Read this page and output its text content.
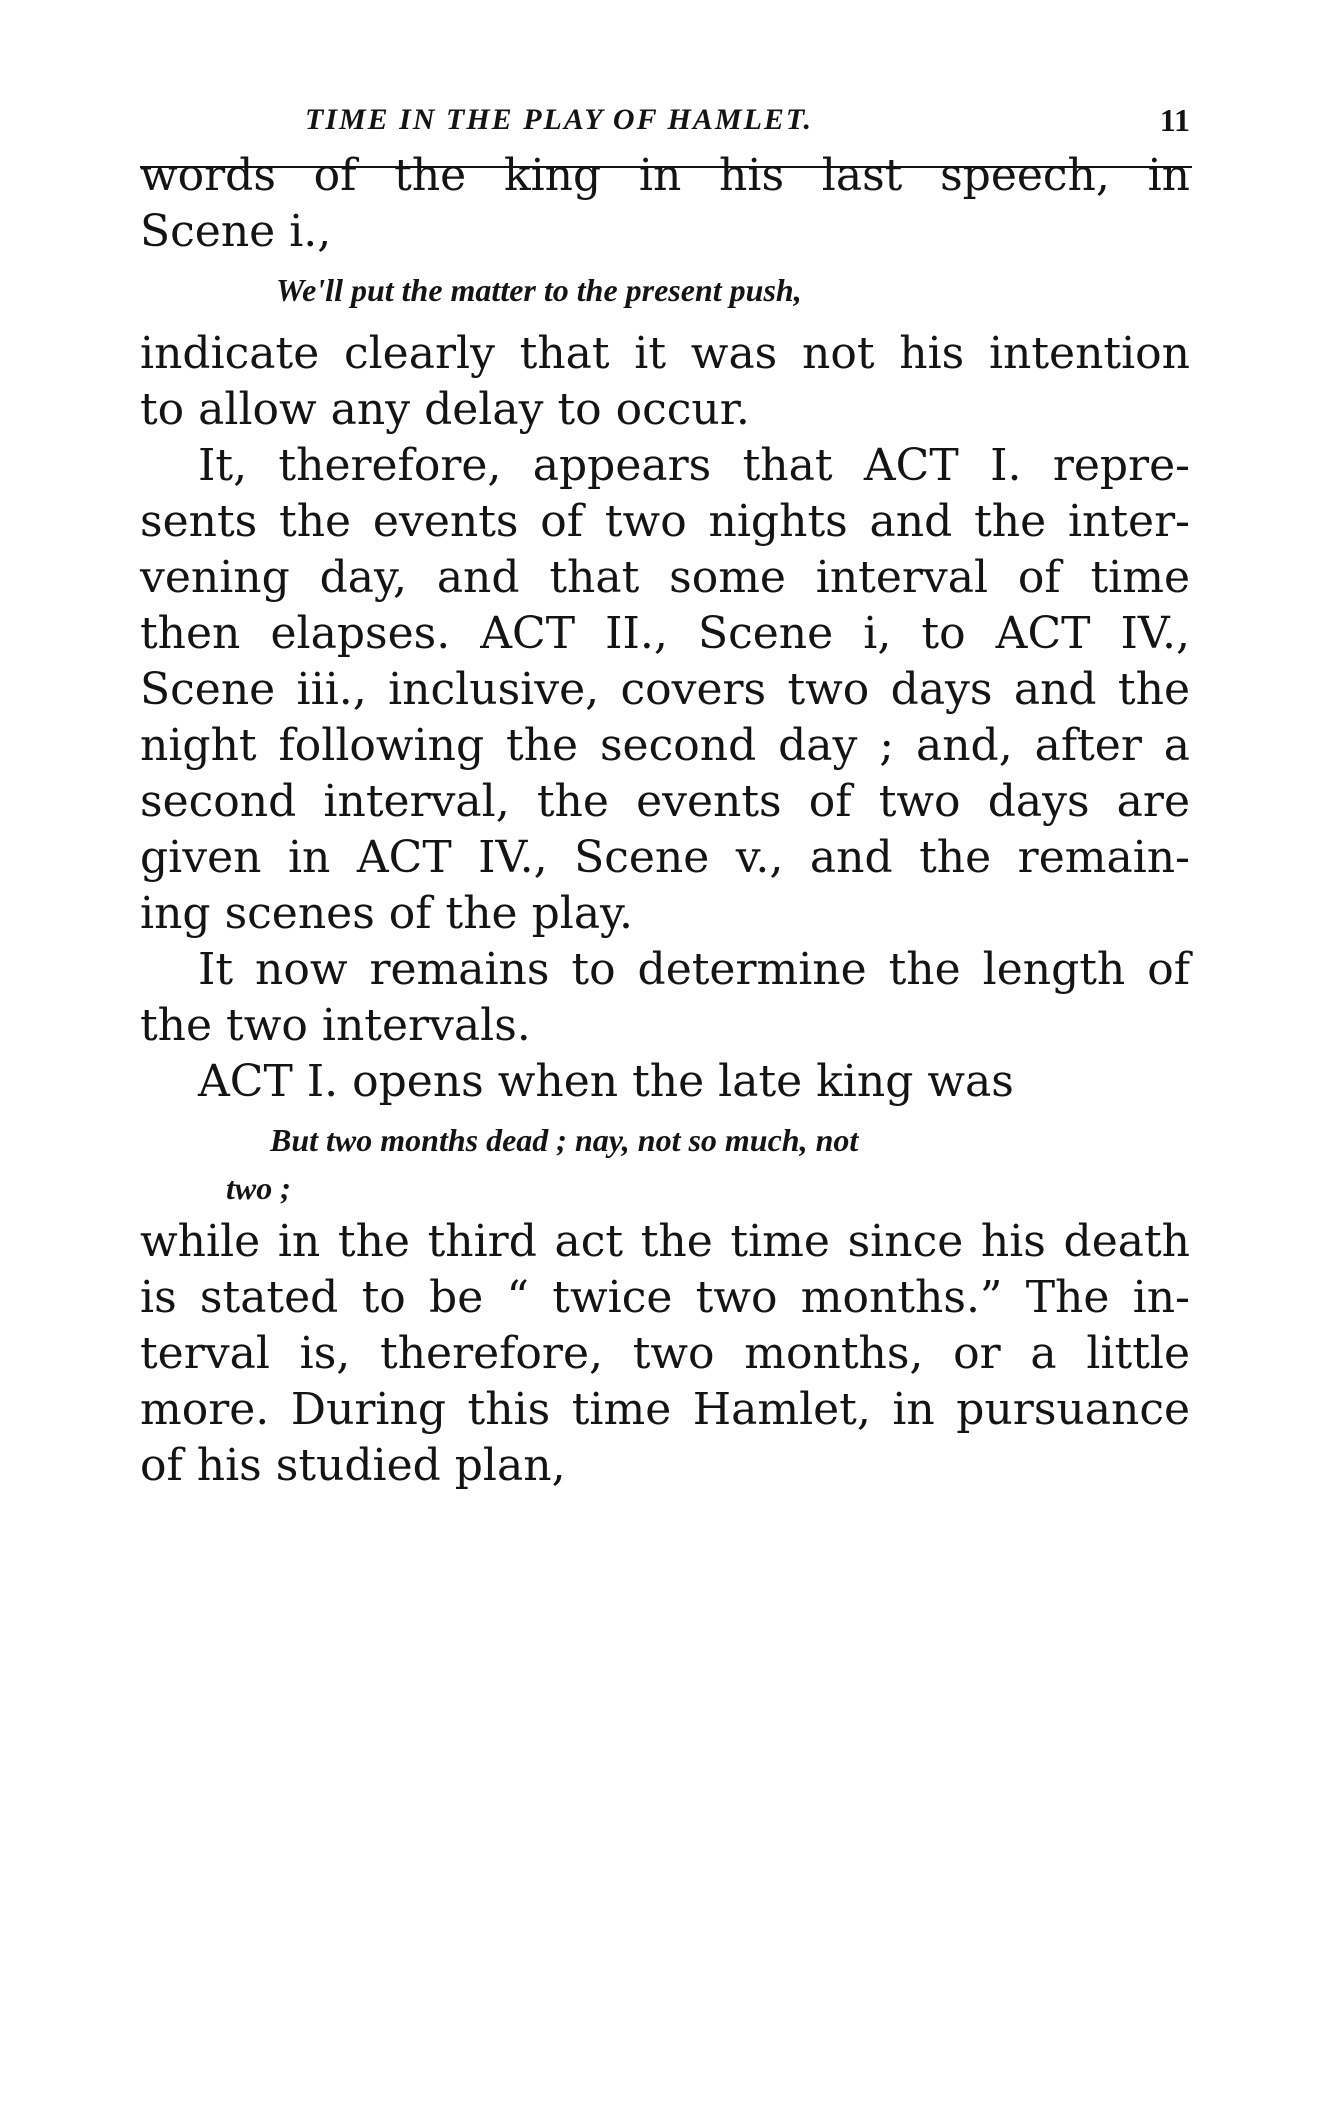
TIME IN THE PLAY OF HAMLET.	11
words of the king in his last speech, in
Scene i.,
We'll put the matter to the present push,
indicate clearly that it was not his intention
to allow any delay to occur.
It, therefore, appears that ACT I. repre-
sents the events of two nights and the inter-
vening day, and that some interval of time
then elapses. ACT II., Scene i, to ACT IV.,
Scene iii., inclusive, covers two days and the
night following the second day ; and, after a
second interval, the events of two days are
given in ACT IV., Scene v., and the remain-
ing scenes of the play.
It now remains to determine the length of
the two intervals.
ACT I. opens when the late king was
But two months dead ; nay, not so much, not
two ;
while in the third act the time since his death
is stated to be “ twice two months.” The in-
terval is, therefore, two months, or a little
more. During this time Hamlet, in pursuance
of his studied plan,
